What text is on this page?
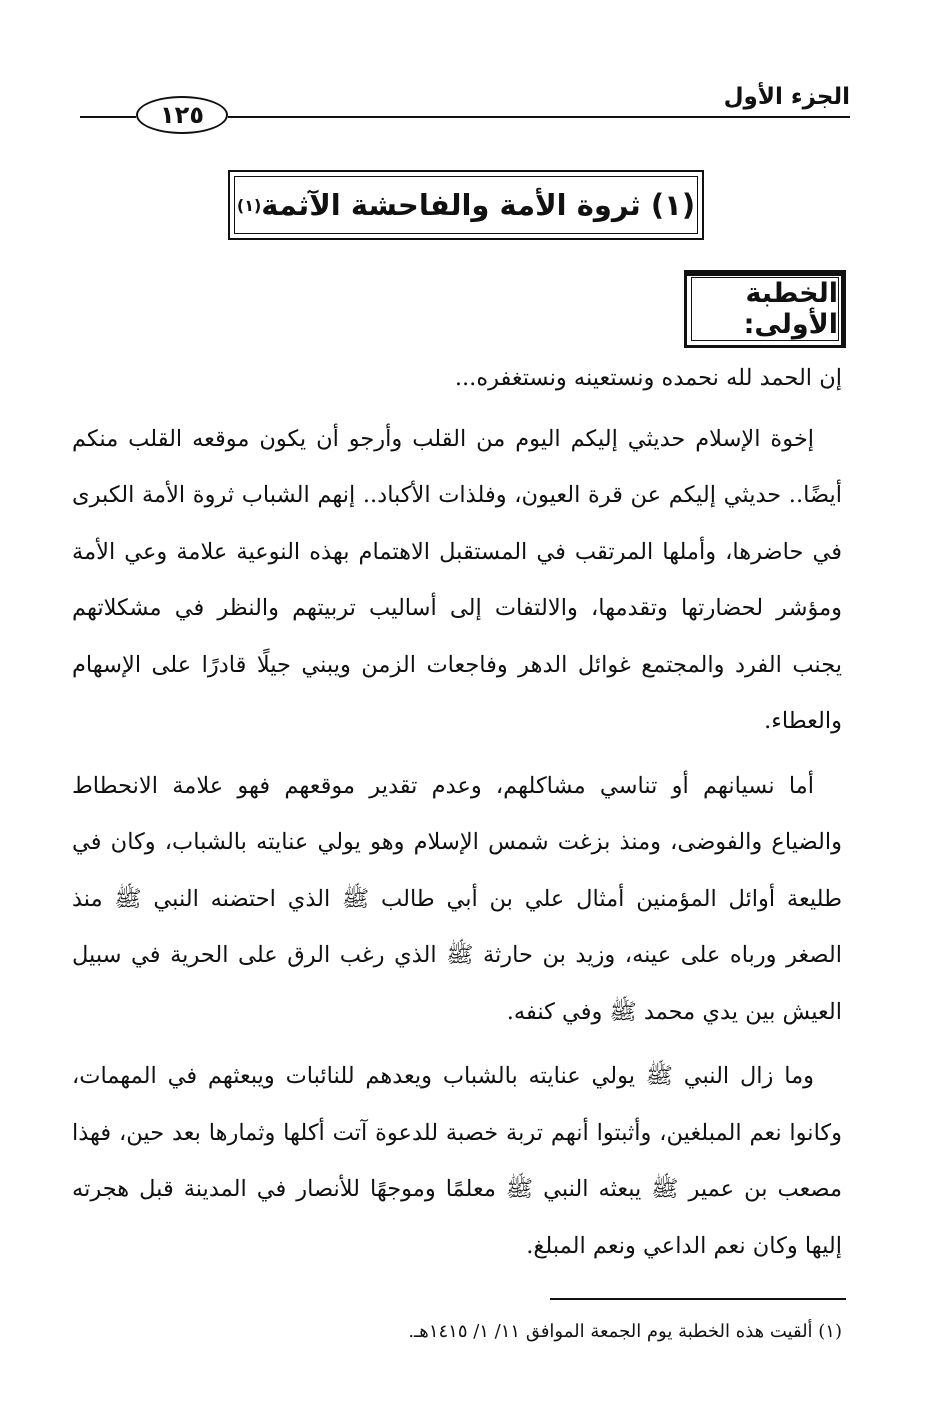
الجزء الأول
١٢٥
(١) ثروة الأمة والفاحشة الآثمة
(١)
الخطبة الأولى:

إن الحمد لله نحمده ونستعينه ونستغفره...

إخوة الإسلام حديثي إليكم اليوم من القلب وأرجو أن يكون موقعه القلب منكم أيضًا.. حديثي إليكم عن قرة العيون، وفلذات الأكباد.. إنهم الشباب ثروة الأمة الكبرى في حاضرها، وأملها المرتقب في المستقبل الاهتمام بهذه النوعية علامة وعي الأمة ومؤشر لحضارتها وتقدمها، والالتفات إلى أساليب تربيتهم والنظر في مشكلاتهم يجنب الفرد والمجتمع غوائل الدهر وفاجعات الزمن ويبني جيلًا قادرًا على الإسهام والعطاء.

أما نسيانهم أو تناسي مشاكلهم، وعدم تقدير موقعهم فهو علامة الانحطاط والضياع والفوضى، ومنذ بزغت شمس الإسلام وهو يولي عنايته بالشباب، وكان في طليعة أوائل المؤمنين أمثال علي بن أبي طالب ﷺ الذي احتضنه النبي ﷺ منذ الصغر ورباه على عينه، وزيد بن حارثة ﷺ الذي رغب الرق على الحرية في سبيل العيش بين يدي محمد ﷺ وفي كنفه.

وما زال النبي ﷺ يولي عنايته بالشباب ويعدهم للنائبات ويبعثهم في المهمات، وكانوا نعم المبلغين، وأثبتوا أنهم تربة خصبة للدعوة آتت أكلها وثمارها بعد حين، فهذا مصعب بن عمير ﷺ يبعثه النبي ﷺ معلمًا وموجهًا للأنصار في المدينة قبل هجرته إليها وكان نعم الداعي ونعم المبلغ.

(١) ألقيت هذه الخطبة يوم الجمعة الموافق ١١/ ١/ ١٤١٥هـ.
